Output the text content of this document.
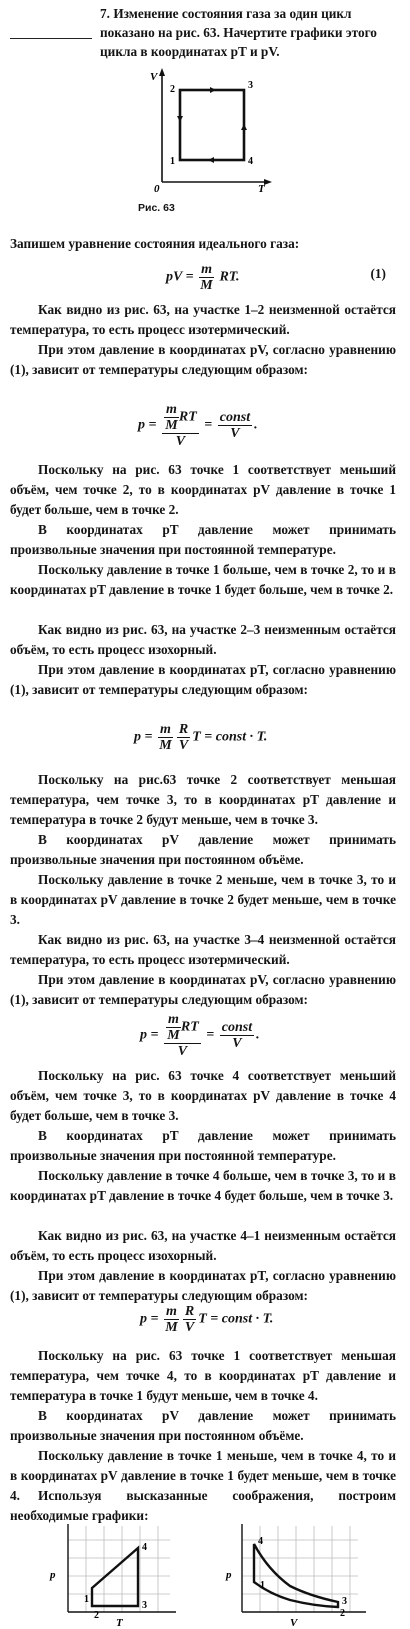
7. Изменение состояния газа за один цикл показано на рис. 63. Начертите графики этого цикла в координатах pT и pV.
V
T
0
1
2	3
4
Рис. 63
Запишем уравнение состояния идеального газа:
pV = $\frac{m}{M}$ RT.	(1)
Как видно из рис. 63, на участке 1–2 неизменной остаётся температура, то есть процесс изотермический.
При этом давление в координатах pV, согласно уравнению (1), зависит от температуры следующим образом:
$p = \frac{\frac{m}{M} RT}{V} = \frac{\text{const}}{V}$ .
Поскольку на рис. 63 точке 1 соответствует меньший объём, чем точке 2, то в координатах pV давление в точке 1 будет больше, чем в точке 2.
В координатах pT давление может принимать произвольные значения при постоянной температуре.
Поскольку давление в точке 1 больше, чем в точке 2, то и в координатах pT давление в точке 1 будет больше, чем в точке 2.
Как видно из рис. 63, на участке 2–3 неизменным остаётся объём, то есть процесс изохорный.
При этом давление в координатах pT, согласно уравнению (1), зависит от температуры следующим образом:
$p = \frac{m}{M} \frac{R}{V}$ T = const · T.
Поскольку на рис.63 точке 2 соответствует меньшая температура, чем точке 3, то в координатах pT давление и температура в точке 2 будут меньше, чем в точке 3.
В координатах pV давление может принимать произвольные значения при постоянном объёме.
Поскольку давление в точке 2 меньше, чем в точке 3, то и в координатах pV давление в точке 2 будет меньше, чем в точке 3.
Как видно из рис. 63, на участке 3–4 неизменной остаётся температура, то есть процесс изотермический.
При этом давление в координатах pV, согласно уравнению (1), зависит от температуры следующим образом:
$p = \frac{\frac{m}{M} RT}{V} = \frac{\text{const}}{V}$ .
Поскольку на рис. 63 точке 4 соответствует меньший объём, чем точке 3, то в координатах pV давление в точке 4 будет больше, чем в точке 3.
В координатах pT давление может принимать произвольные значения при постоянной температуре.
Поскольку давление в точке 4 больше, чем в точке 3, то и в координатах pT давление в точке 4 будет больше, чем в точке 3.
Как видно из рис. 63, на участке 4–1 неизменным остаётся объём, то есть процесс изохорный.
При этом давление в координатах pT, согласно уравнению (1), зависит от температуры следующим образом:
$p = \frac{m}{M} \frac{R}{V}$ T = const · T.
Поскольку на рис. 63 точке 1 соответствует меньшая температура, чем точке 4, то в координатах pT давление и температура в точке 1 будут меньше, чем в точке 4.
В координатах pV давление может принимать произвольные значения при постоянном объёме.
Поскольку давление в точке 1 меньше, чем в точке 4, то и в координатах pV давление в точке 1 будет меньше, чем в точке 4.	Используя высказанные соображения, построим необходимые графики:
p
T
1
2
3
4
p
V
1
2
3
4
